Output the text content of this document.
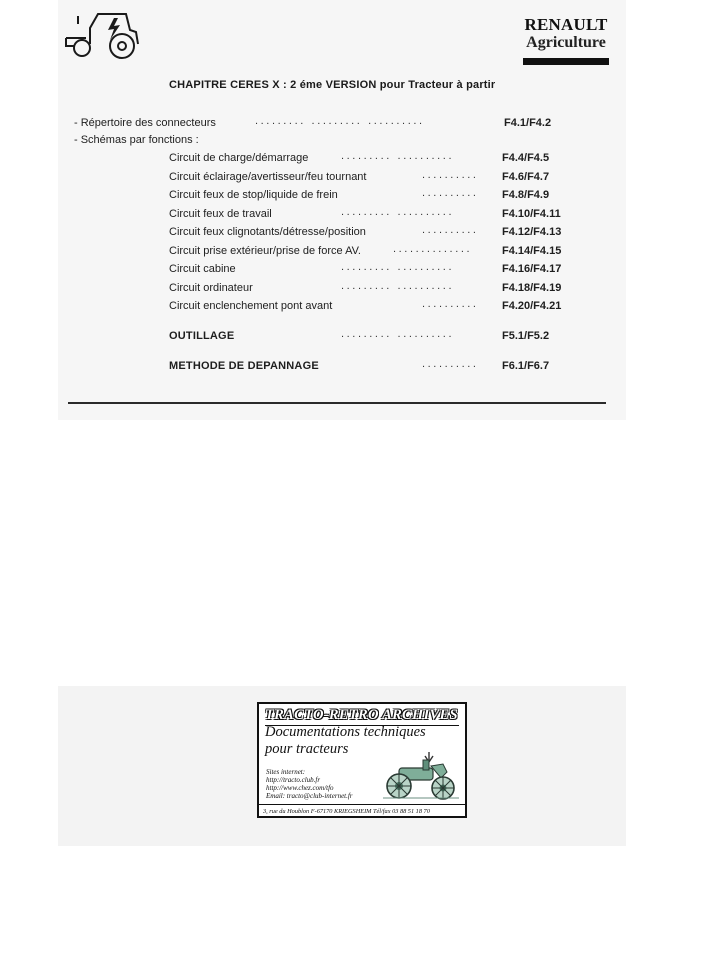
RENAULT
Agriculture
CHAPITRE CERES X : 2 éme VERSION pour Tracteur à partir
- Répertoire des connecteurs	......... ......... ..........	F4.1/F4.2
- Schémas par fonctions :
Circuit de charge/démarrage	......... ..........	F4.4/F4.5
Circuit éclairage/avertisseur/feu tournant	.......... F4.6/F4.7
Circuit feux de stop/liquide de frein	.......... F4.8/F4.9
Circuit feux de travail	......... ..........	F4.10/F4.11
Circuit feux clignotants/détresse/position	.......... F4.12/F4.13
Circuit prise extérieur/prise de force AV.	..............	F4.14/F4.15
Circuit cabine	......... ..........	F4.16/F4.17
Circuit ordinateur	......... ..........	F4.18/F4.19
Circuit enclenchement pont avant	.......... F4.20/F4.21
OUTILLAGE	......... ..........	F5.1/F5.2
METHODE DE DEPANNAGE	.......... F6.1/F6.7
TRACTO-RETRO ARCHIVES
Documentations techniques
pour tracteurs
Sites internet:
http://tracto.club.fr
http://www.chez.com/tfo
Email: tracto@club-internet.fr
3, rue du Houblon F-67170 KRIEGSHEIM Tél/fax 03 88 51 18 70
